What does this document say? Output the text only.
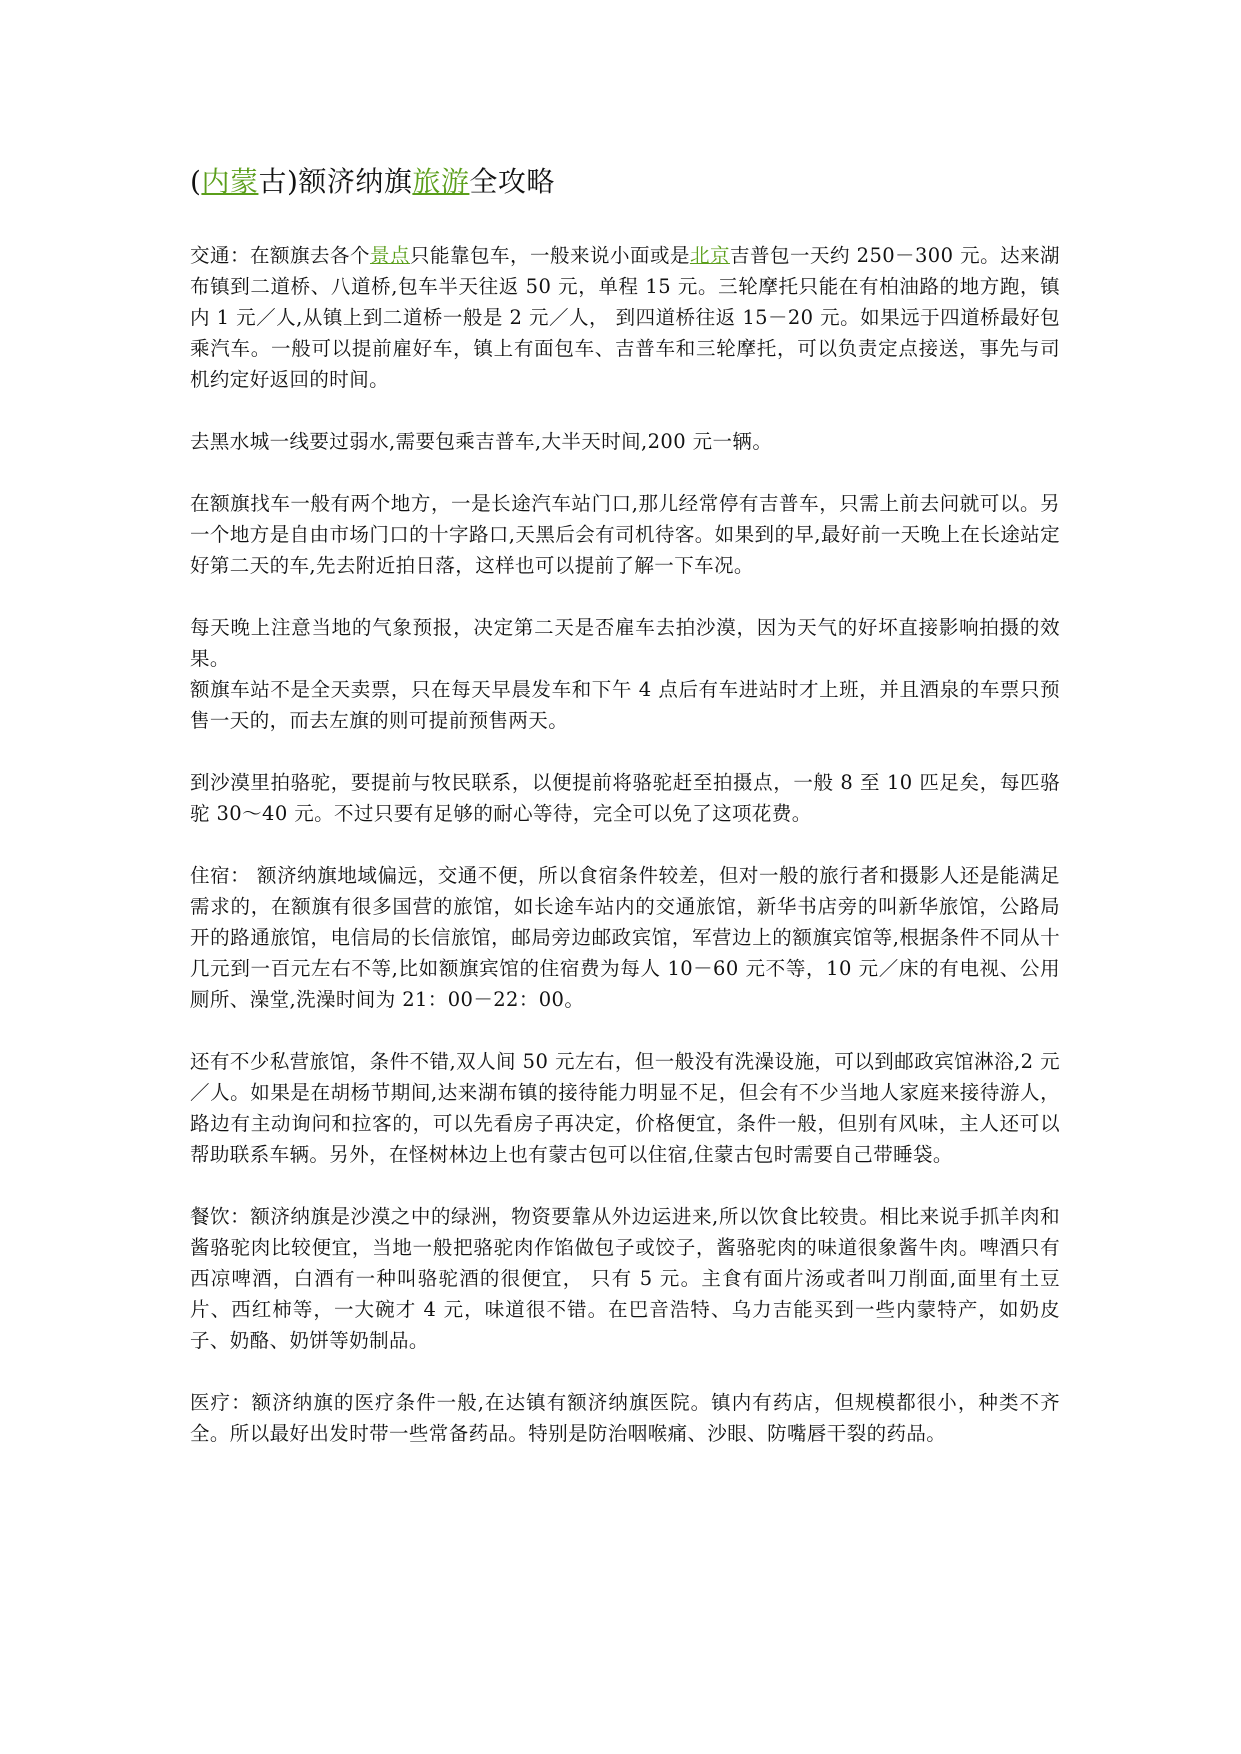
(内蒙古)额济纳旗旅游全攻略

交通：在额旗去各个景点只能靠包车，一般来说小面或是北京吉普包一天约 250－300 元。达来湖布镇到二道桥、八道桥,包车半天往返 50 元，单程 15 元。三轮摩托只能在有柏油路的地方跑，镇内 1 元／人,从镇上到二道桥一般是 2 元／人， 到四道桥往返 15－20 元。如果远于四道桥最好包乘汽车。一般可以提前雇好车，镇上有面包车、吉普车和三轮摩托，可以负责定点接送，事先与司机约定好返回的时间。

去黑水城一线要过弱水,需要包乘吉普车,大半天时间,200 元一辆。

在额旗找车一般有两个地方，一是长途汽车站门口,那儿经常停有吉普车，只需上前去问就可以。另一个地方是自由市场门口的十字路口,天黑后会有司机待客。如果到的早,最好前一天晚上在长途站定好第二天的车,先去附近拍日落，这样也可以提前了解一下车况。

每天晚上注意当地的气象预报，决定第二天是否雇车去拍沙漠，因为天气的好坏直接影响拍摄的效果。

额旗车站不是全天卖票，只在每天早晨发车和下午 4 点后有车进站时才上班，并且酒泉的车票只预售一天的，而去左旗的则可提前预售两天。

到沙漠里拍骆驼，要提前与牧民联系，以便提前将骆驼赶至拍摄点，一般 8 至 10 匹足矣，每匹骆驼 30～40 元。不过只要有足够的耐心等待，完全可以免了这项花费。

住宿： 额济纳旗地域偏远，交通不便，所以食宿条件较差，但对一般的旅行者和摄影人还是能满足需求的，在额旗有很多国营的旅馆，如长途车站内的交通旅馆，新华书店旁的叫新华旅馆，公路局开的路通旅馆，电信局的长信旅馆，邮局旁边邮政宾馆，军营边上的额旗宾馆等,根据条件不同从十几元到一百元左右不等,比如额旗宾馆的住宿费为每人 10－60 元不等，10 元／床的有电视、公用厕所、澡堂,洗澡时间为 21：00－22：00。

还有不少私营旅馆，条件不错,双人间 50 元左右，但一般没有洗澡设施，可以到邮政宾馆淋浴,2 元／人。如果是在胡杨节期间,达来湖布镇的接待能力明显不足，但会有不少当地人家庭来接待游人，路边有主动询问和拉客的，可以先看房子再决定，价格便宜，条件一般，但别有风味，主人还可以帮助联系车辆。另外，在怪树林边上也有蒙古包可以住宿,住蒙古包时需要自己带睡袋。

餐饮：额济纳旗是沙漠之中的绿洲，物资要靠从外边运进来,所以饮食比较贵。相比来说手抓羊肉和酱骆驼肉比较便宜，当地一般把骆驼肉作馅做包子或饺子，酱骆驼肉的味道很象酱牛肉。啤酒只有西凉啤酒，白酒有一种叫骆驼酒的很便宜， 只有 5 元。主食有面片汤或者叫刀削面,面里有土豆片、西红柿等，一大碗才 4 元，味道很不错。在巴音浩特、乌力吉能买到一些内蒙特产，如奶皮子、奶酪、奶饼等奶制品。

医疗：额济纳旗的医疗条件一般,在达镇有额济纳旗医院。镇内有药店，但规模都很小，种类不齐全。所以最好出发时带一些常备药品。特别是防治咽喉痛、沙眼、防嘴唇干裂的药品。
